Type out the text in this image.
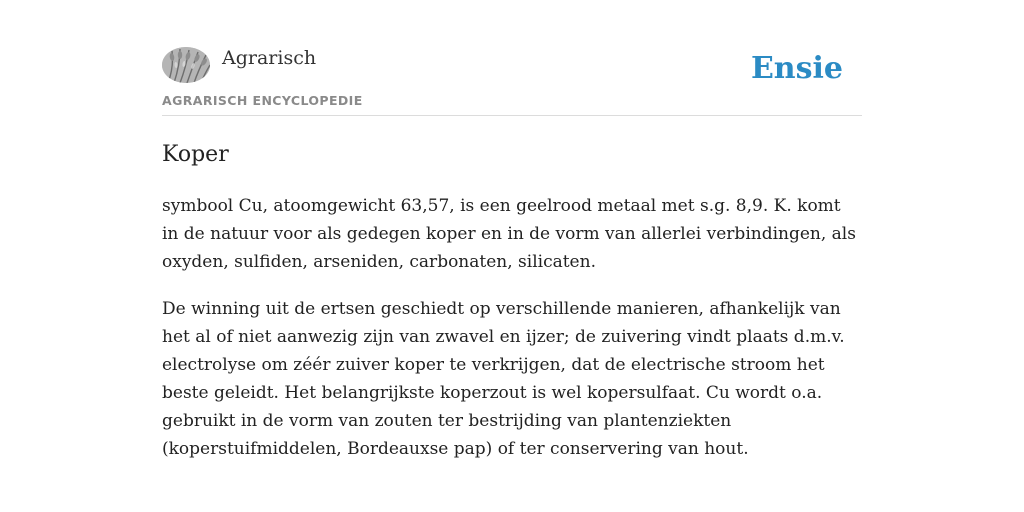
Agrarisch
AGRARISCH ENCYCLOPEDIE
Ensie
Koper

symbool Cu, atoomgewicht 63,57, is een geelrood metaal met s.g. 8,9. K. komt in de natuur voor als gedegen koper en in de vorm van allerlei verbindingen, als oxyden, sulfiden, arseniden, carbonaten, silicaten.

De winning uit de ertsen geschiedt op verschillende manieren, afhankelijk van het al of niet aanwezig zijn van zwavel en ijzer; de zuivering vindt plaats d.m.v. electrolyse om zéér zuiver koper te verkrijgen, dat de electrische stroom het beste geleidt. Het belangrijkste koperzout is wel kopersulfaat. Cu wordt o.a. gebruikt in de vorm van zouten ter bestrijding van plantenziekten (koperstuifmiddelen, Bordeauxse pap) of ter conservering van hout.
